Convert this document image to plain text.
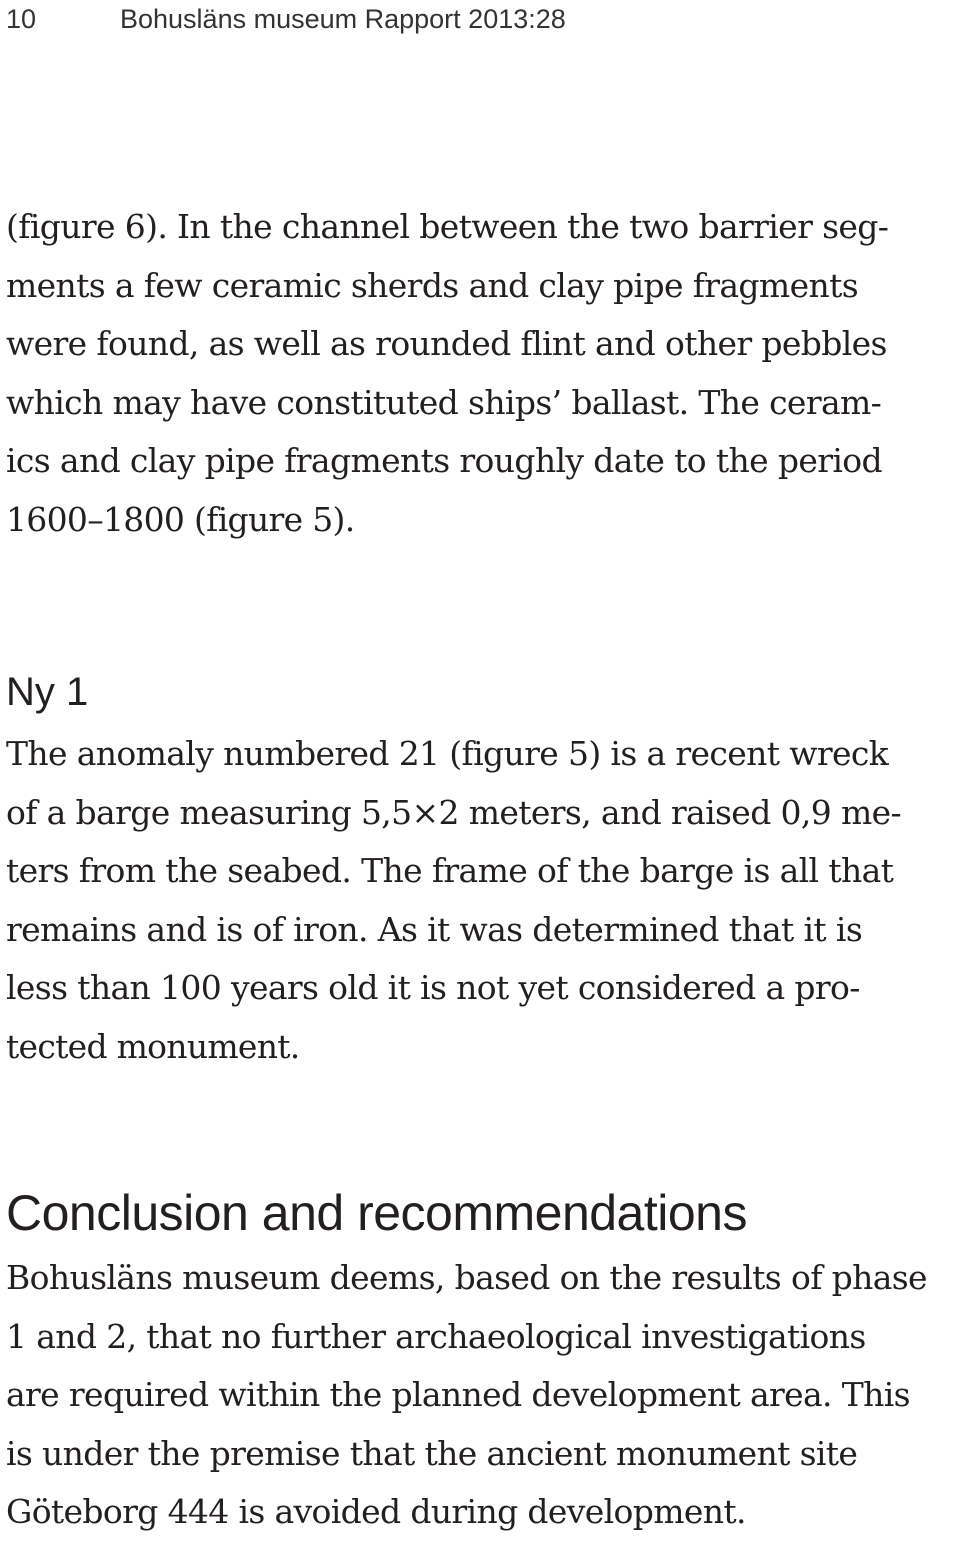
10	Bohusläns museum Rapport 2013:28

(figure 6). In the channel between the two barrier seg-
ments a few ceramic sherds and clay pipe fragments
were found, as well as rounded flint and other pebbles
which may have constituted ships’ ballast. The ceram-
ics and clay pipe fragments roughly date to the period
1600–1800 (figure 5).

Ny 1

The anomaly numbered 21 (figure 5) is a recent wreck
of a barge measuring 5,5×2 meters, and raised 0,9 me-
ters from the seabed. The frame of the barge is all that
remains and is of iron. As it was determined that it is
less than 100 years old it is not yet considered a pro-
tected monument.

Conclusion and recommendations

Bohusläns museum deems, based on the results of phase
1 and 2, that no further archaeological investigations
are required within the planned development area. This
is under the premise that the ancient monument site
Göteborg 444 is avoided during development.
